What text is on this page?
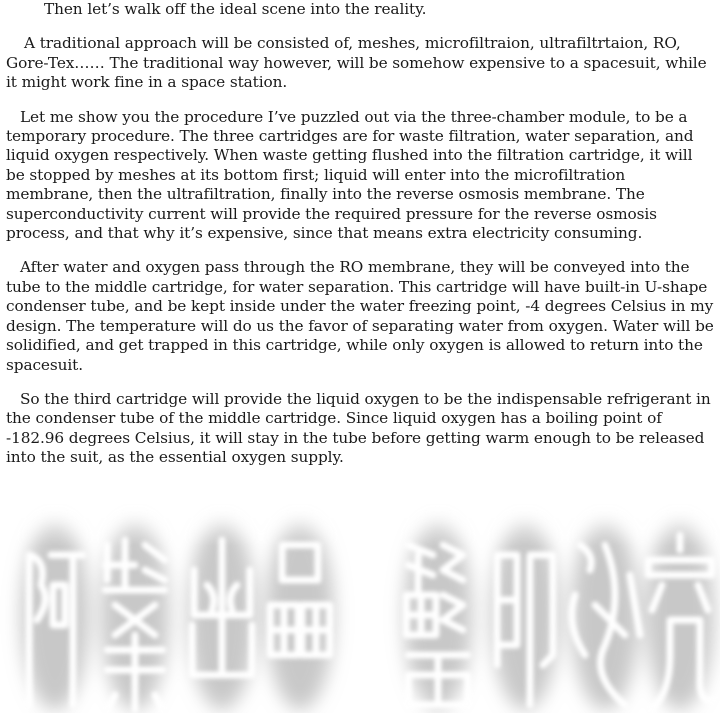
Then let’s walk off the ideal scene into the reality.

A traditional approach will be consisted of, meshes, microfiltraion, ultrafiltrtaion, RO, Gore-Tex…… The traditional way however, will be somehow expensive to a spacesuit, while it might work fine in a space station.

Let me show you the procedure I’ve puzzled out via the three-chamber module, to be a temporary procedure. The three cartridges are for waste filtration, water separation, and liquid oxygen respectively. When waste getting flushed into the filtration cartridge, it will be stopped by meshes at its bottom first; liquid will enter into the microfiltration membrane, then the ultrafiltration, finally into the reverse osmosis membrane. The superconductivity current will provide the required pressure for the reverse osmosis process, and that why it’s expensive, since that means extra electricity consuming.

After water and oxygen pass through the RO membrane, they will be conveyed into the tube to the middle cartridge, for water separation. This cartridge will have built-in U-shape condenser tube, and be kept inside under the water freezing point, -4 degrees Celsius in my design. The temperature will do us the favor of separating water from oxygen. Water will be solidified, and get trapped in this cartridge, while only oxygen is allowed to return into the spacesuit.

So the third cartridge will provide the liquid oxygen to be the indispensable refrigerant in the condenser tube of the middle cartridge. Since liquid oxygen has a boiling point of -182.96 degrees Celsius, it will stay in the tube before getting warm enough to be released into the suit, as the essential oxygen supply.
